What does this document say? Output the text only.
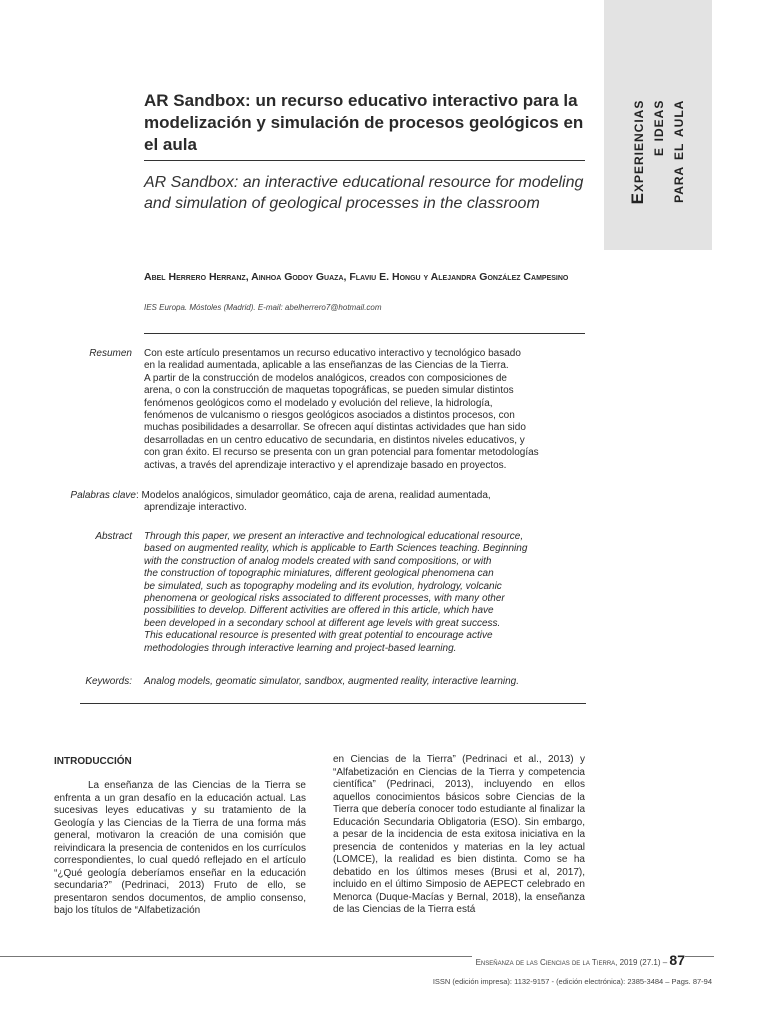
Experiencias e ideas para el aula
AR Sandbox: un recurso educativo interactivo para la modelización y simulación de procesos geológicos en el aula
AR Sandbox: an interactive educational resource for modeling and simulation of geological processes in the classroom
Abel Herrero Herranz, Ainhoa Godoy Guaza, Flaviu E. Hongu y Alejandra González Campesino
IES Europa. Móstoles (Madrid). E-mail: abelherrero7@hotmail.com
Resumen Con este artículo presentamos un recurso educativo interactivo y tecnológico basado
en la realidad aumentada, aplicable a las enseñanzas de las Ciencias de la Tierra.
A partir de la construcción de modelos analógicos, creados con composiciones de
arena, o con la construcción de maquetas topográficas, se pueden simular distintos
fenómenos geológicos como el modelado y evolución del relieve, la hidrología,
fenómenos de vulcanismo o riesgos geológicos asociados a distintos procesos, con
muchas posibilidades a desarrollar. Se ofrecen aquí distintas actividades que han sido
desarrolladas en un centro educativo de secundaria, en distintos niveles educativos, y
con gran éxito. El recurso se presenta con un gran potencial para fomentar metodologías
activas, a través del aprendizaje interactivo y el aprendizaje basado en proyectos.
Palabras clave : Modelos analógicos, simulador geomático, caja de arena, realidad aumentada,
aprendizaje interactivo.
Abstract Through this paper, we present an interactive and technological educational resource,
based on augmented reality, which is applicable to Earth Sciences teaching. Beginning
with the construction of analog models created with sand compositions, or with
the construction of topographic miniatures, different geological phenomena can
be simulated, such as topography modeling and its evolution, hydrology, volcanic
phenomena or geological risks associated to different processes, with many other
possibilities to develop. Different activities are offered in this article, which have
been developed in a secondary school at different age levels with great success.
This educational resource is presented with great potential to encourage active
methodologies through interactive learning and project-based learning.
Keywords: Analog models, geomatic simulator, sandbox, augmented reality, interactive learning.
INTRODUCCIÓN
La enseñanza de las Ciencias de la Tierra se enfrenta a un gran desafío en la educación actual. Las sucesivas leyes educativas y su tratamiento de la Geología y las Ciencias de la Tierra de una forma más general, motivaron la creación de una comisión que reivindicara la presencia de contenidos en los currículos correspondientes, lo cual quedó reflejado en el artículo “¿Qué geología deberíamos enseñar en la educación secundaria?” (Pedrinaci, 2013) Fruto de ello, se presentaron sendos documentos, de amplio consenso, bajo los títulos de “Alfabetización
en Ciencias de la Tierra” (Pedrinaci et al., 2013) y “Alfabetización en Ciencias de la Tierra y competencia científica” (Pedrinaci, 2013), incluyendo en ellos aquellos conocimientos básicos sobre Ciencias de la Tierra que debería conocer todo estudiante al finalizar la Educación Secundaria Obligatoria (ESO). Sin embargo, a pesar de la incidencia de esta exitosa iniciativa en la presencia de contenidos y materias en la ley actual (LOMCE), la realidad es bien distinta. Como se ha debatido en los últimos meses (Brusi et al, 2017), incluido en el último Simposio de AEPECT celebrado en Menorca (Duque-Macías y Bernal, 2018), la enseñanza de las Ciencias de la Tierra está
Enseñanza de las Ciencias de la Tierra, 2019 (27.1) – 87
ISSN (edición impresa): 1132-9157 - (edición electrónica): 2385-3484 – Pags. 87-94
